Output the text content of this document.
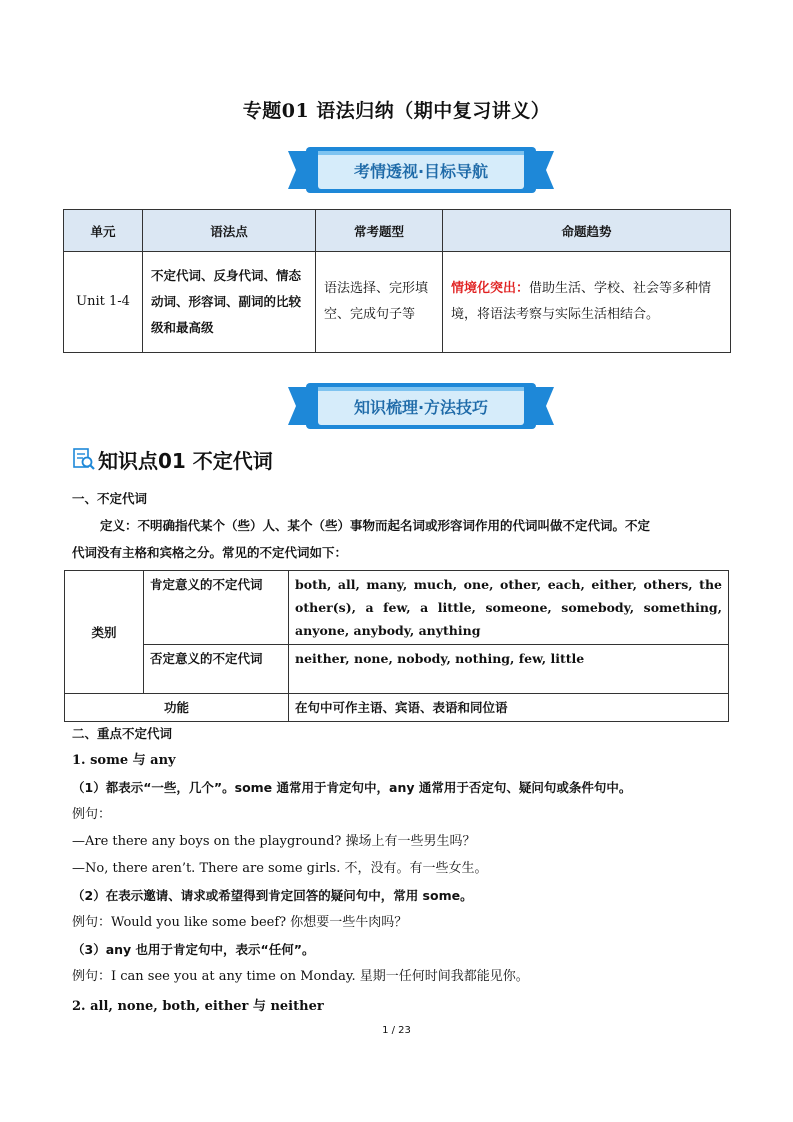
专题01 语法归纳（期中复习讲义）
考情透视·目标导航
单元	语法点	常考题型	命题趋势
Unit 1-4	不定代词、反身代词、情态动词、形容词、副词的比较级和最高级	语法选择、完形填空、完成句子等	情境化突出：借助生活、学校、社会等多种情境，将语法考察与实际生活相结合。
知识梳理·方法技巧
知识点01 不定代词
一、不定代词
定义：不明确指代某个（些）人、某个（些）事物而起名词或形容词作用的代词叫做不定代词。不定
代词没有主格和宾格之分。常见的不定代词如下：
类别	肯定意义的不定代词	both, all, many, much, one, other, each, either, others, the other(s), a few, a little, someone, somebody, something, anyone, anybody, anything
	否定意义的不定代词	neither, none, nobody, nothing, few, little
功能		在句中可作主语、宾语、表语和同位语
二、重点不定代词
1. some 与 any
（1）都表示“一些，几个”。some 通常用于肯定句中，any 通常用于否定句、疑问句或条件句中。
例句：
—Are there any boys on the playground? 操场上有一些男生吗？
—No, there aren’t. There are some girls. 不，没有。有一些女生。
（2）在表示邀请、请求或希望得到肯定回答的疑问句中，常用 some。
例句：Would you like some beef? 你想要一些牛肉吗？
（3）any 也用于肯定句中，表示“任何”。
例句：I can see you at any time on Monday. 星期一任何时间我都能见你。
2. all, none, both, either 与 neither
1 / 23
